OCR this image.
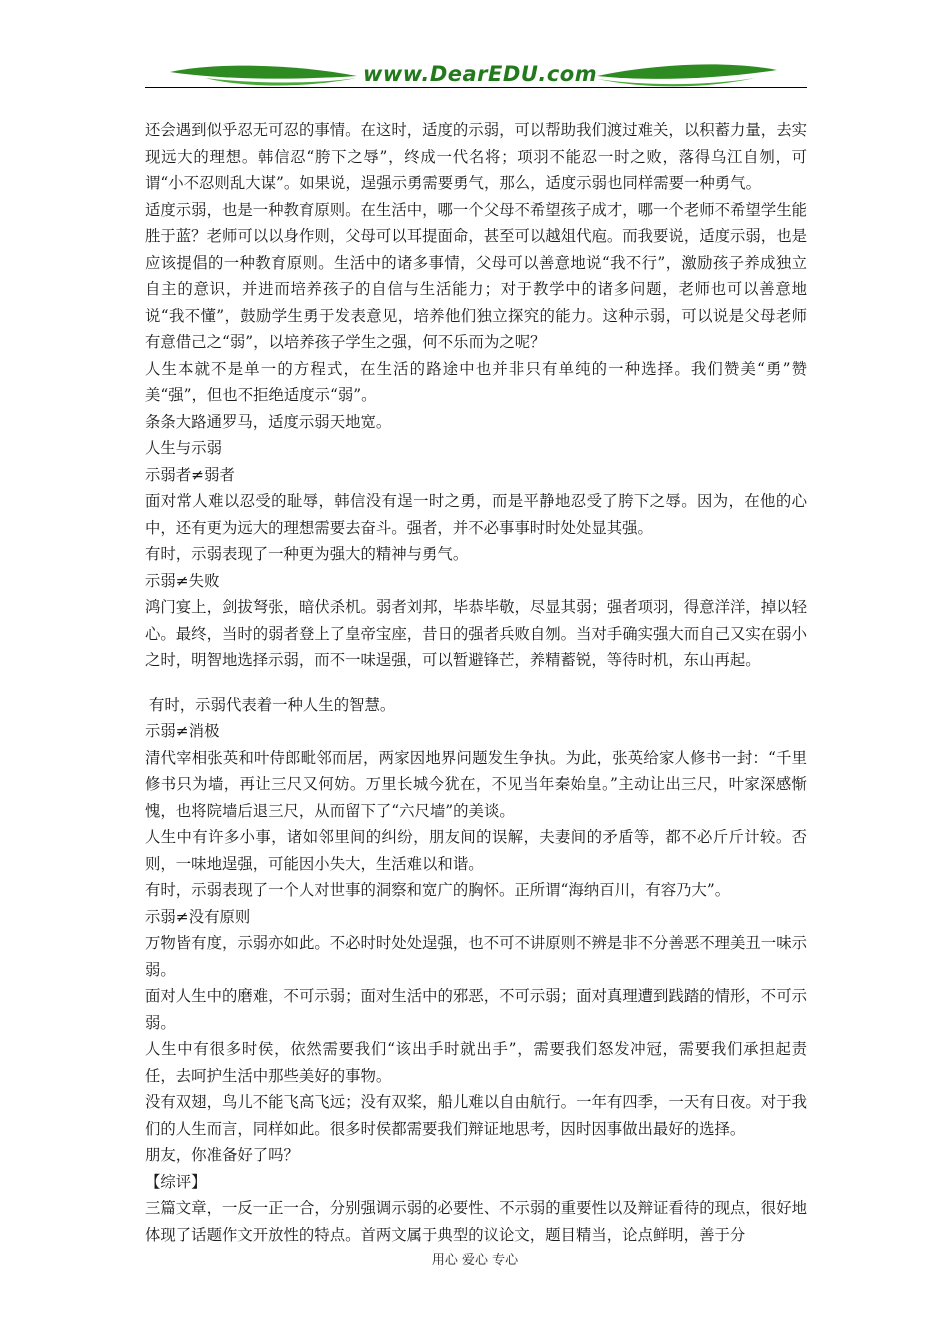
www.DearEDU.com

还会遇到似乎忍无可忍的事情。在这时，适度的示弱，可以帮助我们渡过难关，以积蓄力量，去实现远大的理想。韩信忍“胯下之辱”，终成一代名将；项羽不能忍一时之败，落得乌江自刎，可谓“小不忍则乱大谋”。如果说，逞强示勇需要勇气，那么，适度示弱也同样需要一种勇气。

适度示弱，也是一种教育原则。在生活中，哪一个父母不希望孩子成才，哪一个老师不希望学生能胜于蓝？老师可以以身作则，父母可以耳提面命，甚至可以越俎代庖。而我要说，适度示弱，也是应该提倡的一种教育原则。生活中的诸多事情，父母可以善意地说“我不行”，激励孩子养成独立自主的意识，并进而培养孩子的自信与生活能力；对于教学中的诸多问题，老师也可以善意地说“我不懂”，鼓励学生勇于发表意见，培养他们独立探究的能力。这种示弱，可以说是父母老师有意借己之“弱”，以培养孩子学生之强，何不乐而为之呢？

人生本就不是单一的方程式，在生活的路途中也并非只有单纯的一种选择。我们赞美“勇”赞美“强”，但也不拒绝适度示“弱”。

条条大路通罗马，适度示弱天地宽。

人生与示弱

示弱者≠弱者

面对常人难以忍受的耻辱，韩信没有逞一时之勇，而是平静地忍受了胯下之辱。因为，在他的心中，还有更为远大的理想需要去奋斗。强者，并不必事事时时处处显其强。

有时，示弱表现了一种更为强大的精神与勇气。

示弱≠失败

鸿门宴上，剑拔弩张，暗伏杀机。弱者刘邦，毕恭毕敬，尽显其弱；强者项羽，得意洋洋，掉以轻心。最终，当时的弱者登上了皇帝宝座，昔日的强者兵败自刎。当对手确实强大而自己又实在弱小之时，明智地选择示弱，而不一味逞强，可以暂避锋芒，养精蓄锐，等待时机，东山再起。

有时，示弱代表着一种人生的智慧。

示弱≠消极

清代宰相张英和叶侍郎毗邻而居，两家因地界问题发生争执。为此，张英给家人修书一封：“千里修书只为墙，再让三尺又何妨。万里长城今犹在，不见当年秦始皇。”主动让出三尺，叶家深感惭愧，也将院墙后退三尺，从而留下了“六尺墙”的美谈。

人生中有许多小事，诸如邻里间的纠纷，朋友间的误解，夫妻间的矛盾等，都不必斤斤计较。否则，一味地逞强，可能因小失大，生活难以和谐。

有时，示弱表现了一个人对世事的洞察和宽广的胸怀。正所谓“海纳百川，有容乃大”。

示弱≠没有原则

万物皆有度，示弱亦如此。不必时时处处逞强，也不可不讲原则不辨是非不分善恶不理美丑一味示弱。

面对人生中的磨难，不可示弱；面对生活中的邪恶，不可示弱；面对真理遭到践踏的情形，不可示弱。

人生中有很多时侯，依然需要我们“该出手时就出手”，需要我们怒发冲冠，需要我们承担起责任，去呵护生活中那些美好的事物。

没有双翅，鸟儿不能飞高飞远；没有双桨，船儿难以自由航行。一年有四季，一天有日夜。对于我们的人生而言，同样如此。很多时侯都需要我们辩证地思考，因时因事做出最好的选择。

朋友，你准备好了吗？

【综评】

三篇文章，一反一正一合，分别强调示弱的必要性、不示弱的重要性以及辩证看待的现点，很好地体现了话题作文开放性的特点。首两文属于典型的议论文，题目精当，论点鲜明，善于分

用心 爱心 专心
